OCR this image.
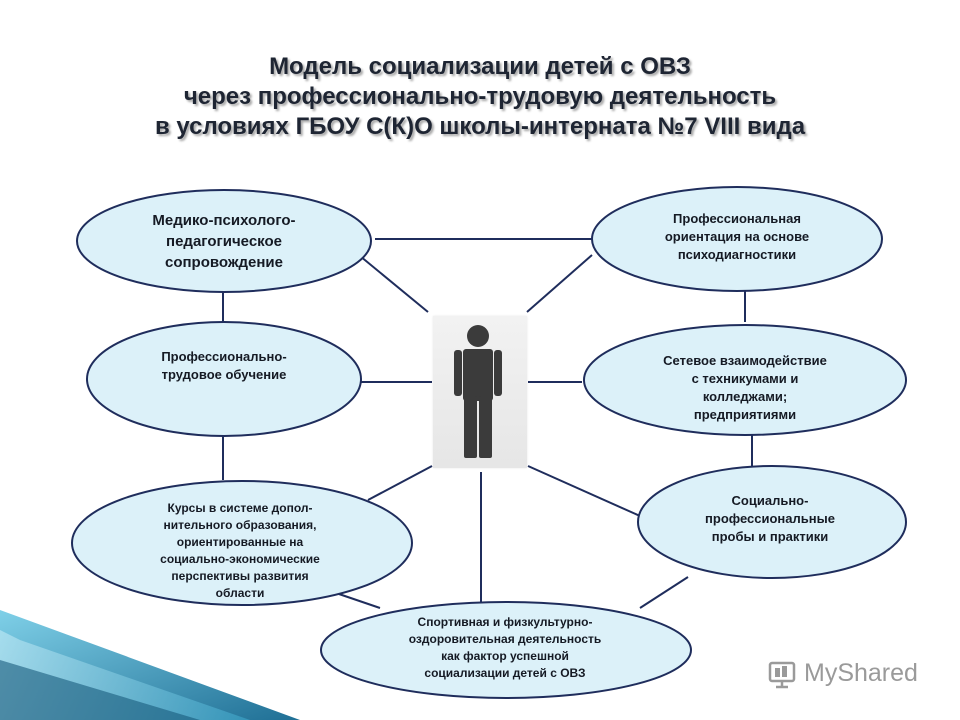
Модель социализации детей с ОВЗ
через профессионально-трудовую деятельность
в условиях ГБОУ С(К)О школы-интерната №7 VIII вида
Медико-психолого-
педагогическое
сопровождение
Профессиональная
ориентация на основе
психодиагностики
Профессионально-
трудовое обучение
Сетевое взаимодействие
с техникумами и
колледжами;
предприятиями
Курсы в системе допол-
нительного образования,
ориентированные на
социально-экономические
перспективы развития
области
Социально-
профессиональные
пробы и практики
Спортивная и физкультурно-
оздоровительная деятельность
как фактор успешной
социализации детей с ОВЗ	MyShared
